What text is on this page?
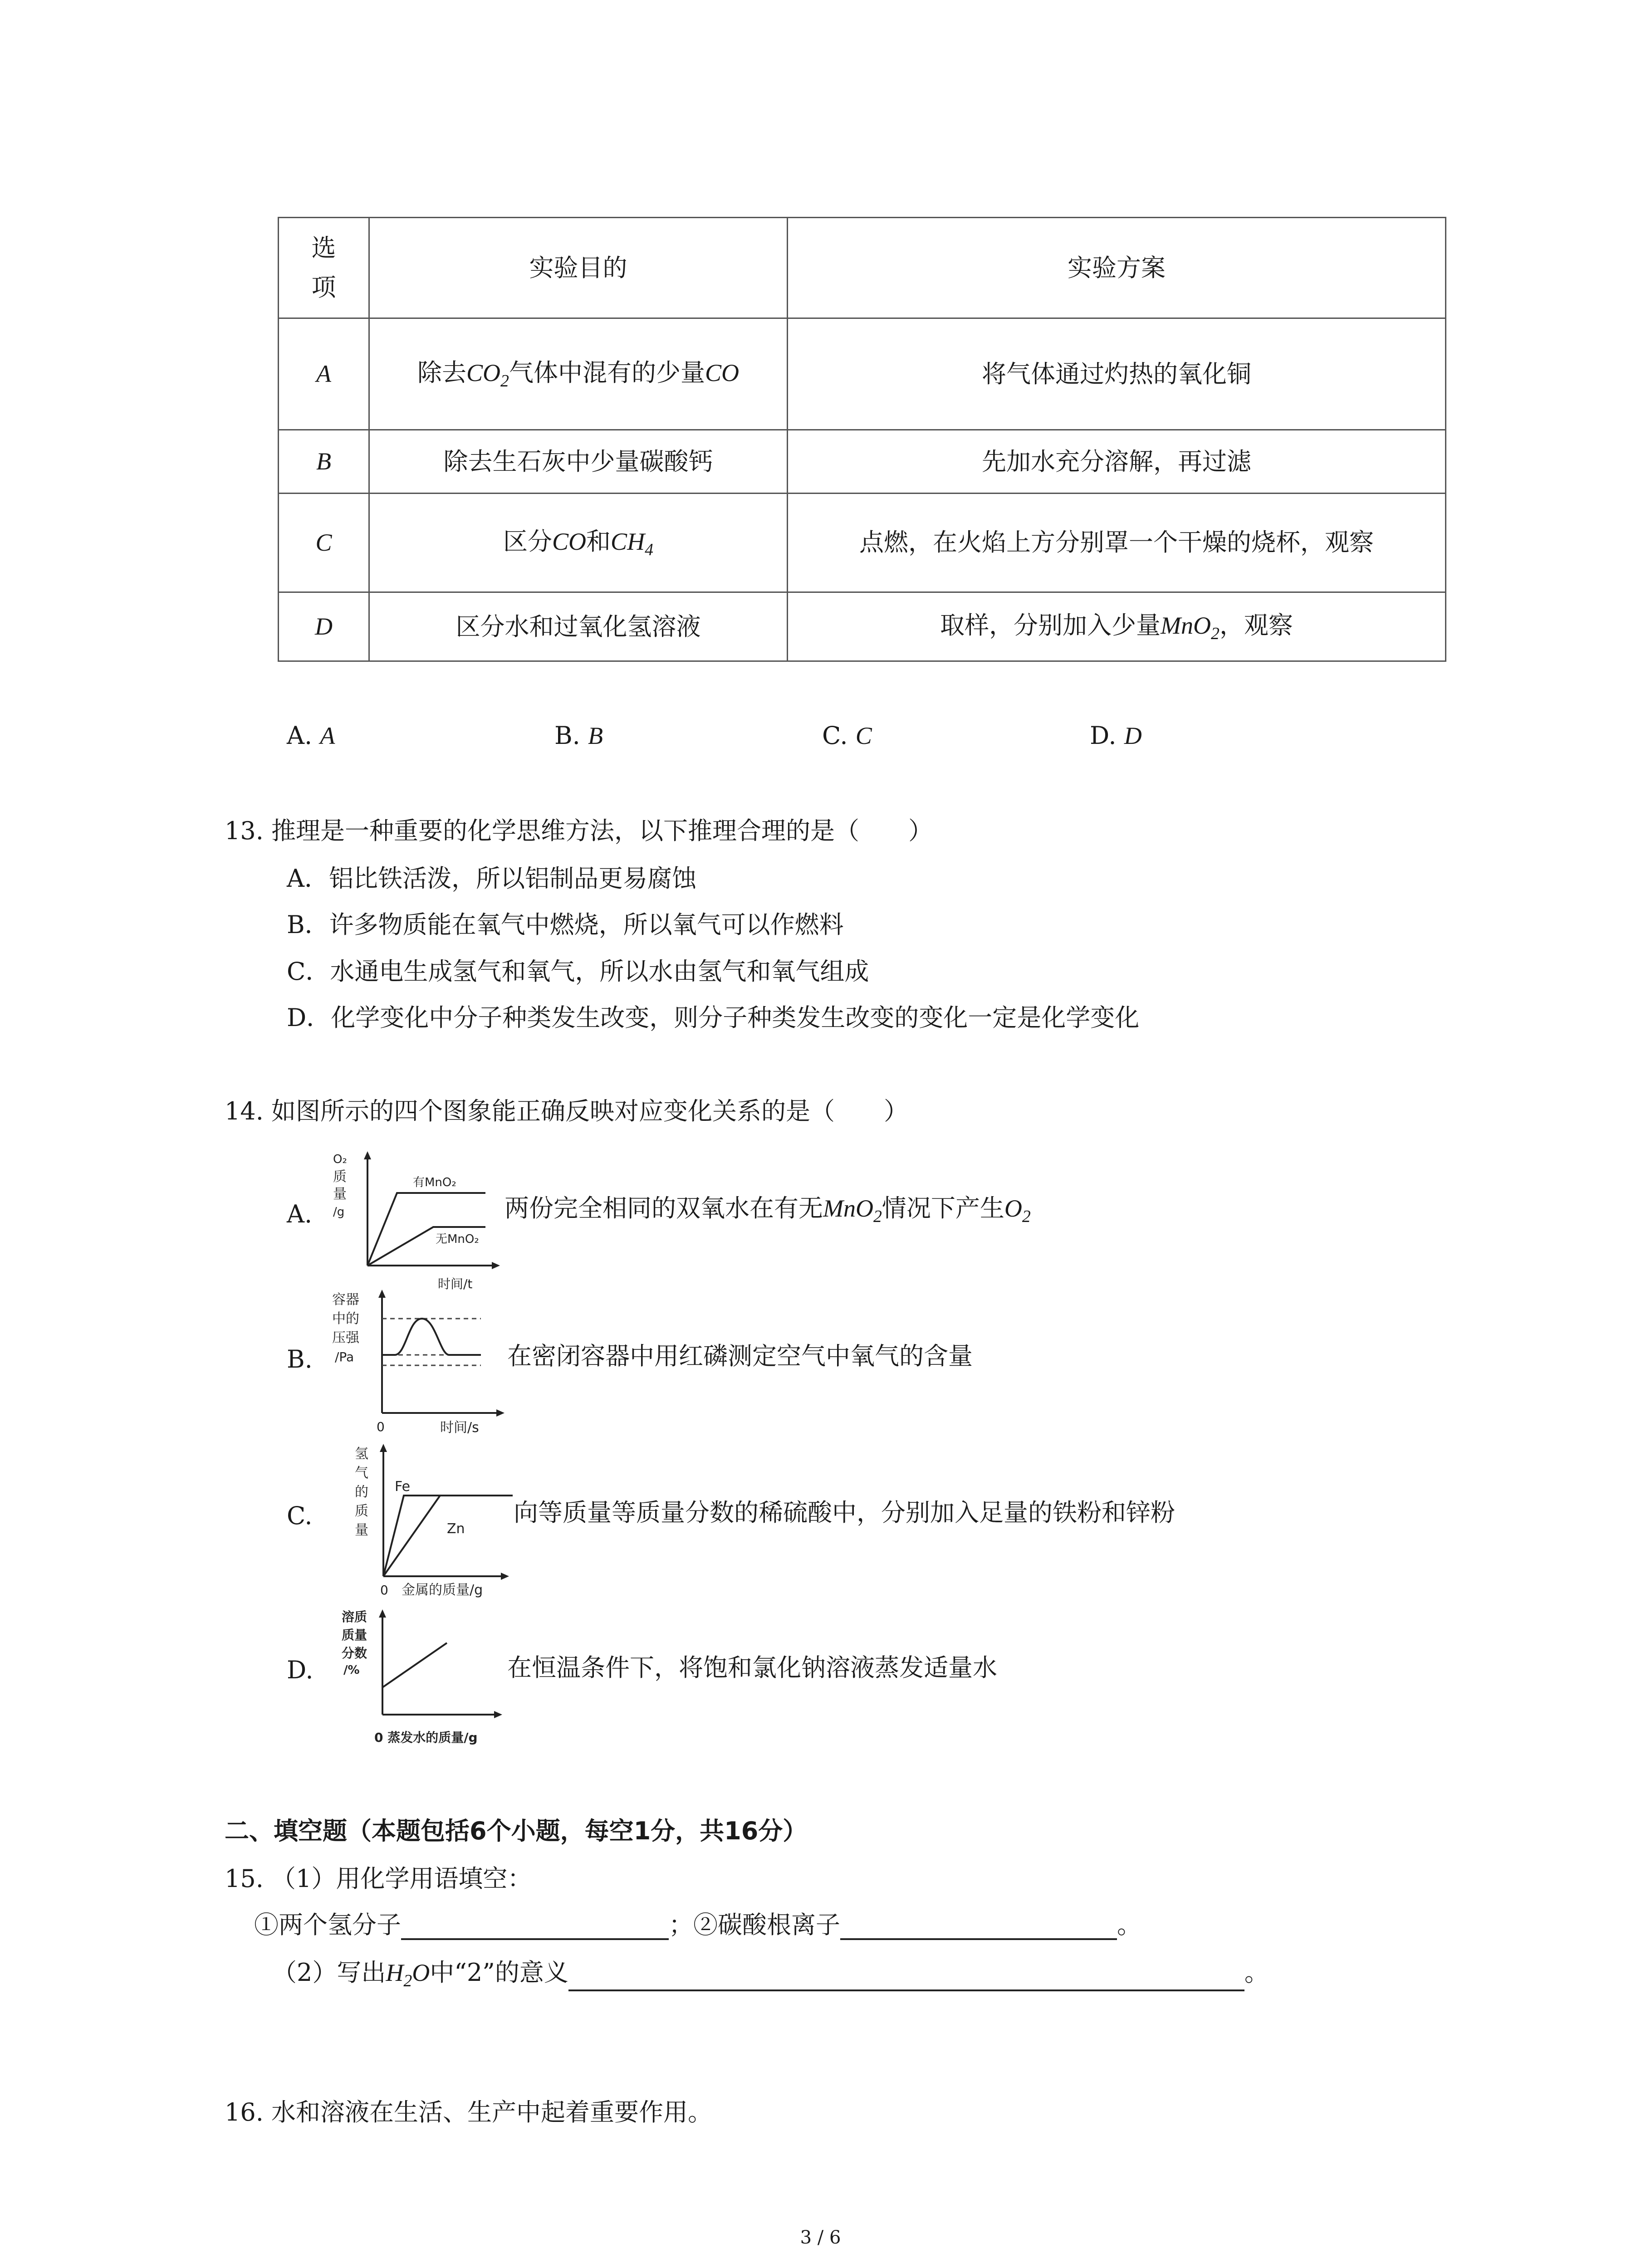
选项	实验目的	实验方案
A	除去$CO_2$气体中混有的少量CO	将气体通过灼热的氧化铜
B	除去生石灰中少量碳酸钙	先加水充分溶解，再过滤
C	区分CO和$CH_4$	点燃，在火焰上方分别罩一个干燥的烧杯，观察
D	区分水和过氧化氢溶液	取样，分别加入少量MnO$_2$，观察
A. A	B. B	C. C	D. D
13. 推理是一种重要的化学思维方法，以下推理合理的是（　　）
A．铝比铁活泼，所以铝制品更易腐蚀
B．许多物质能在氧气中燃烧，所以氧气可以作燃料
C．水通电生成氢气和氧气，所以水由氢气和氧气组成
D．化学变化中分子种类发生改变，则分子种类发生改变的变化一定是化学变化
14. 如图所示的四个图象能正确反映对应变化关系的是（　　）
A.
O₂
质
量
/g
有MnO₂
无MnO₂
时间/t
两份完全相同的双氧水在有无MnO$_2$情况下产生$O_2$
B.
容器
中的
压强
/Pa
0	时间/s
在密闭容器中用红磷测定空气中氧气的含量
C.
氢
气
的
质
量
Fe
Zn
0 金属的质量/g
向等质量等质量分数的稀硫酸中，分别加入足量的铁粉和锌粉
D.
溶质
质量
分数
/%
0 蒸发水的质量/g
在恒温条件下，将饱和氯化钠溶液蒸发适量水
二、填空题（本题包括6个小题，每空1分，共16分）
15. （1）用化学用语填空：
①两个氢分子	；②碳酸根离子	。
（2）写出$H_2O$中“2”的意义	。
16. 水和溶液在生活、生产中起着重要作用。
3 / 6
